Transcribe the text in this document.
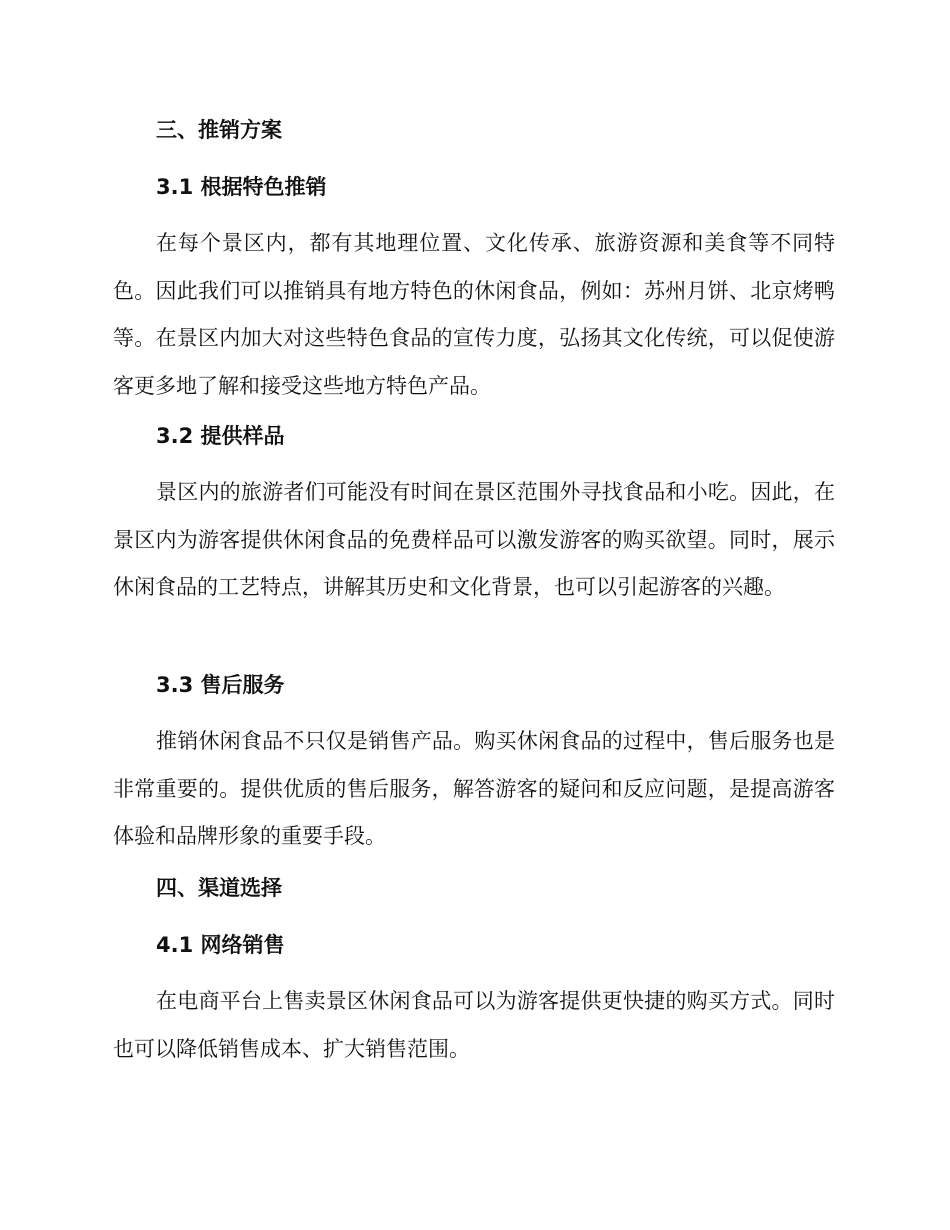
三、推销方案
3.1 根据特色推销

在每个景区内，都有其地理位置、文化传承、旅游资源和美食等不同特色。因此我们可以推销具有地方特色的休闲食品，例如：苏州月饼、北京烤鸭等。在景区内加大对这些特色食品的宣传力度，弘扬其文化传统，可以促使游客更多地了解和接受这些地方特色产品。

3.2 提供样品

景区内的旅游者们可能没有时间在景区范围外寻找食品和小吃。因此，在景区内为游客提供休闲食品的免费样品可以激发游客的购买欲望。同时，展示休闲食品的工艺特点，讲解其历史和文化背景，也可以引起游客的兴趣。

3.3 售后服务

推销休闲食品不只仅是销售产品。购买休闲食品的过程中，售后服务也是非常重要的。提供优质的售后服务，解答游客的疑问和反应问题，是提高游客体验和品牌形象的重要手段。

四、渠道选择
4.1 网络销售

在电商平台上售卖景区休闲食品可以为游客提供更快捷的购买方式。同时也可以降低销售成本、扩大销售范围。
